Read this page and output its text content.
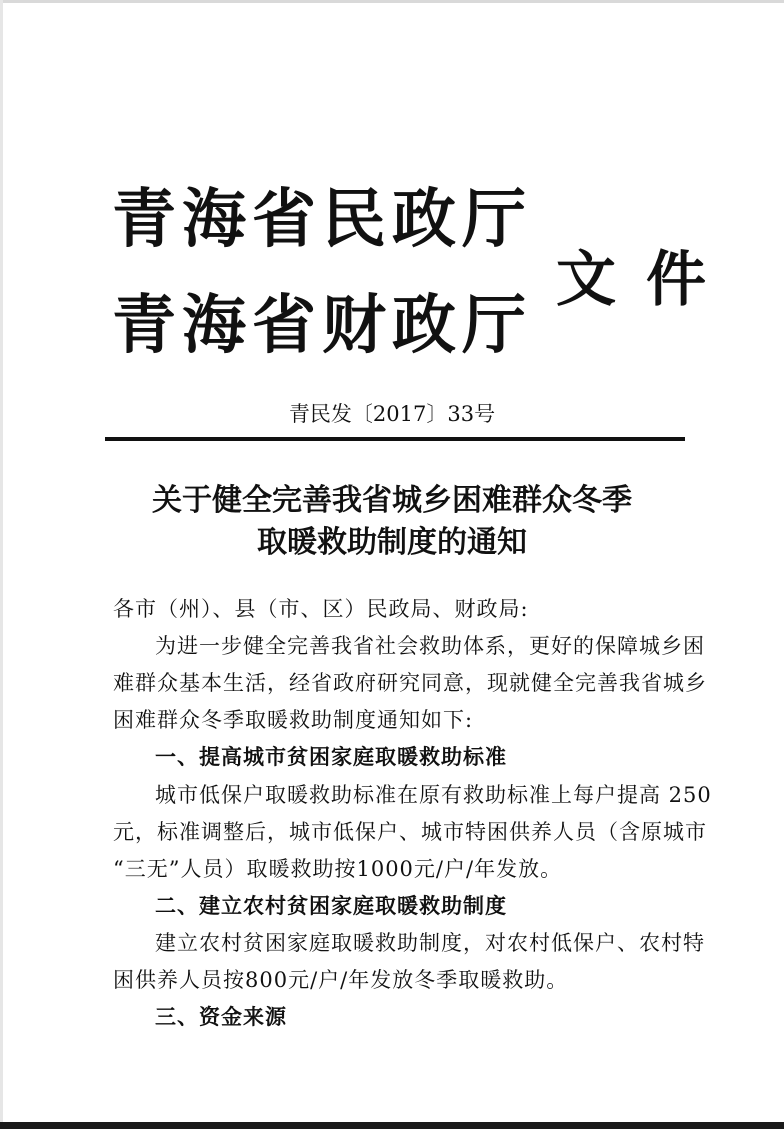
青海省民政厅
青海省财政厅
文件
青民发〔2017〕33号
关于健全完善我省城乡困难群众冬季
取暖救助制度的通知
各市（州）、县（市、区）民政局、财政局:
为进一步健全完善我省社会救助体系，更好的保障城乡困
难群众基本生活，经省政府研究同意，现就健全完善我省城乡
困难群众冬季取暖救助制度通知如下:
一、提高城市贫困家庭取暖救助标准
城市低保户取暖救助标准在原有救助标准上每户提高 250
元，标准调整后，城市低保户、城市特困供养人员（含原城市
“三无”人员）取暖救助按1000元/户/年发放。
二、建立农村贫困家庭取暖救助制度
建立农村贫困家庭取暖救助制度，对农村低保户、农村特
困供养人员按800元/户/年发放冬季取暖救助。
三、资金来源
